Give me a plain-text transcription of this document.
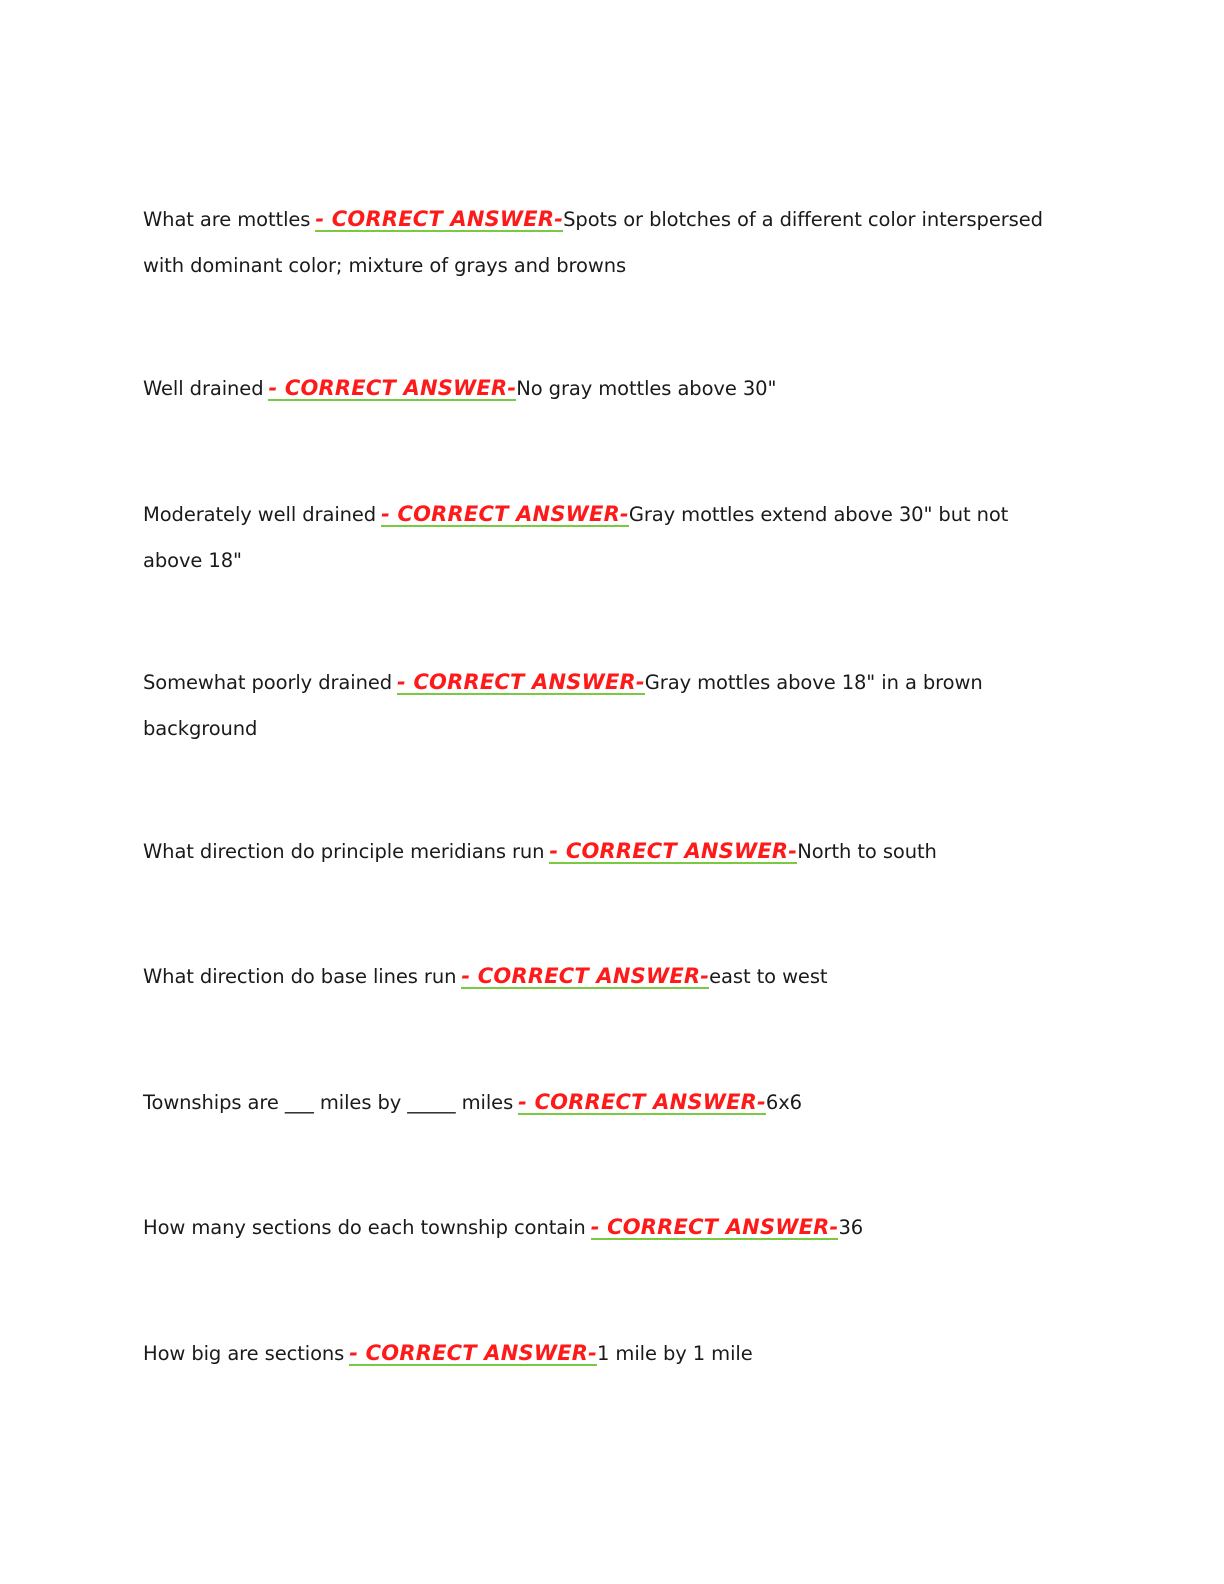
What are mottles - CORRECT ANSWER-Spots or blotches of a different color interspersed with dominant color; mixture of grays and browns
Well drained - CORRECT ANSWER-No gray mottles above 30"
Moderately well drained - CORRECT ANSWER-Gray mottles extend above 30" but not above 18"
Somewhat poorly drained - CORRECT ANSWER-Gray mottles above 18" in a brown background
What direction do principle meridians run - CORRECT ANSWER-North to south
What direction do base lines run - CORRECT ANSWER-east to west
Townships are ___ miles by _____ miles - CORRECT ANSWER-6x6
How many sections do each township contain - CORRECT ANSWER-36
How big are sections - CORRECT ANSWER-1 mile by 1 mile
